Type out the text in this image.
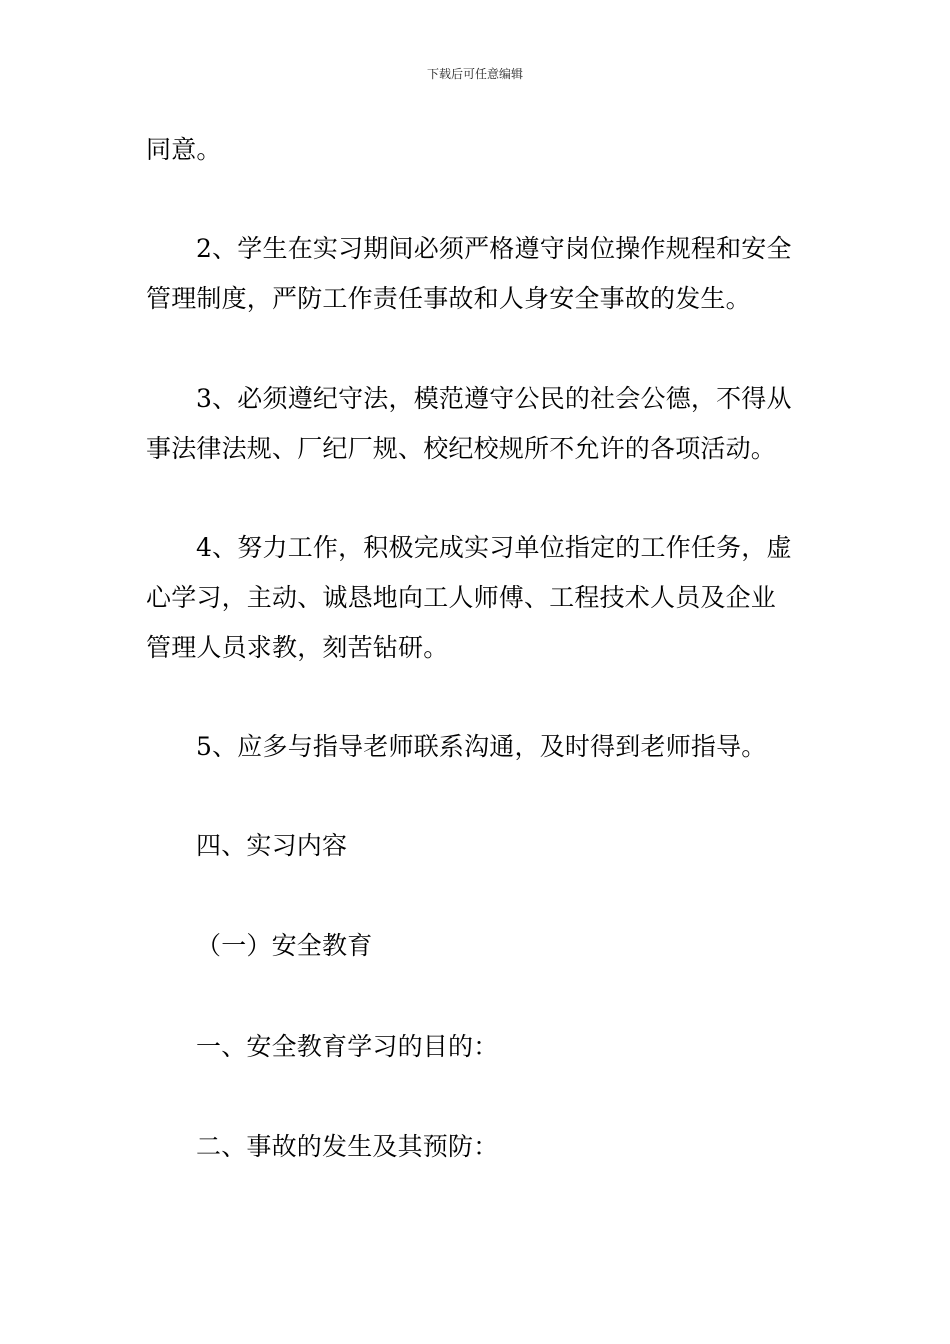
下载后可任意编辑
同意。
2、学生在实习期间必须严格遵守岗位操作规程和安全
管理制度，严防工作责任事故和人身安全事故的发生。
3、必须遵纪守法，模范遵守公民的社会公德，不得从
事法律法规、厂纪厂规、校纪校规所不允许的各项活动。
4、努力工作，积极完成实习单位指定的工作任务，虚
心学习，主动、诚恳地向工人师傅、工程技术人员及企业
管理人员求教，刻苦钻研。
5、应多与指导老师联系沟通，及时得到老师指导。
四、实习内容
（一）安全教育
一、安全教育学习的目的：
二、事故的发生及其预防：
